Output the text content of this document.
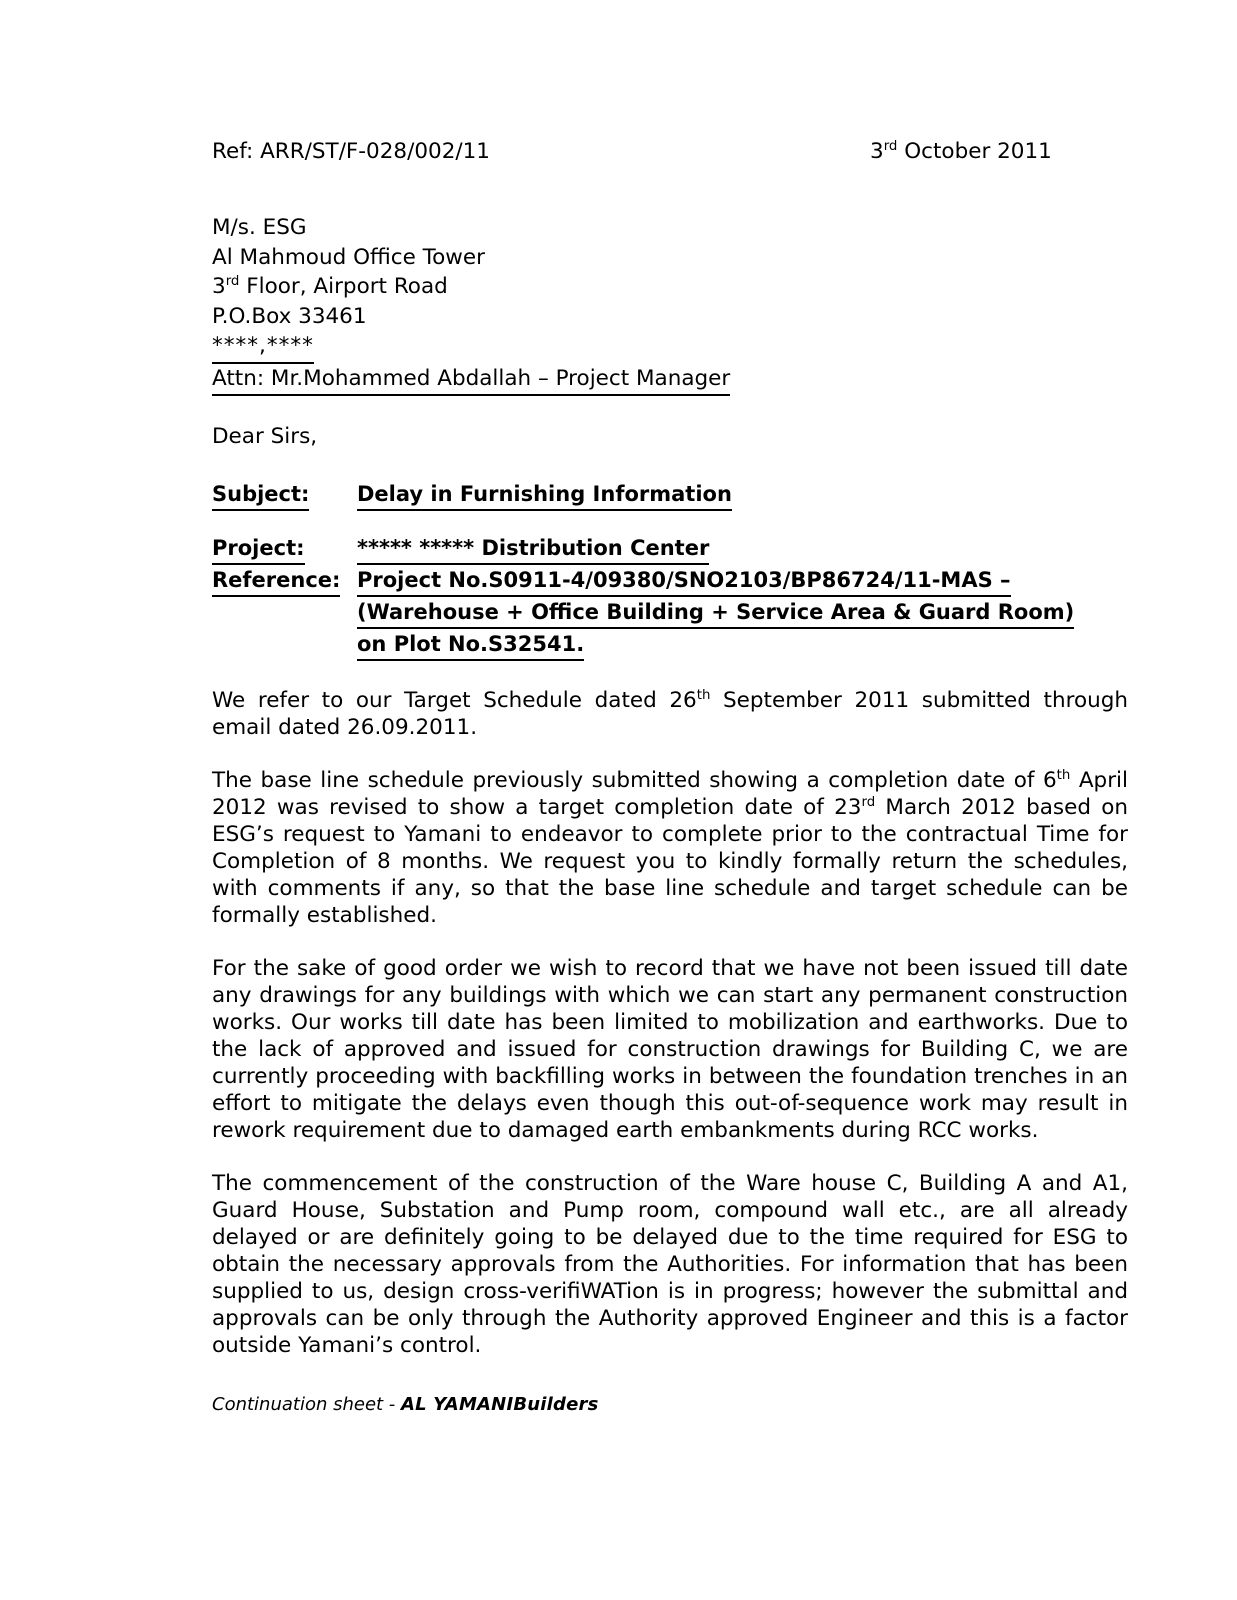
Ref: ARR/ST/F-028/002/11	3rd October 2011
M/s. ESG
Al Mahmoud Office Tower
3rd Floor, Airport Road
P.O.Box 33461
****,****
Attn: Mr.Mohammed Abdallah – Project Manager
Dear Sirs,
Subject:	Delay in Furnishing Information
Project:	***** ***** Distribution Center
Reference: Project No.S0911-4/09380/SNO2103/BP86724/11-MAS – (Warehouse + Office Building + Service Area & Guard Room) on Plot No.S32541.

We refer to our Target Schedule dated 26th September 2011 submitted through email dated 26.09.2011.

The base line schedule previously submitted showing a completion date of 6th April 2012 was revised to show a target completion date of 23rd March 2012 based on ESG’s request to Yamani to endeavor to complete prior to the contractual Time for Completion of 8 months. We request you to kindly formally return the schedules, with comments if any, so that the base line schedule and target schedule can be formally established.

For the sake of good order we wish to record that we have not been issued till date any drawings for any buildings with which we can start any permanent construction works. Our works till date has been limited to mobilization and earthworks. Due to the lack of approved and issued for construction drawings for Building C, we are currently proceeding with backfilling works in between the foundation trenches in an effort to mitigate the delays even though this out-of-sequence work may result in rework requirement due to damaged earth embankments during RCC works.

The commencement of the construction of the Ware house C, Building A and A1, Guard House, Substation and Pump room, compound wall etc., are all already delayed or are definitely going to be delayed due to the time required for ESG to obtain the necessary approvals from the Authorities. For information that has been supplied to us, design cross-verifiWATion is in progress; however the submittal and approvals can be only through the Authority approved Engineer and this is a factor outside Yamani’s control.

Continuation sheet - AL YAMANIBuilders
